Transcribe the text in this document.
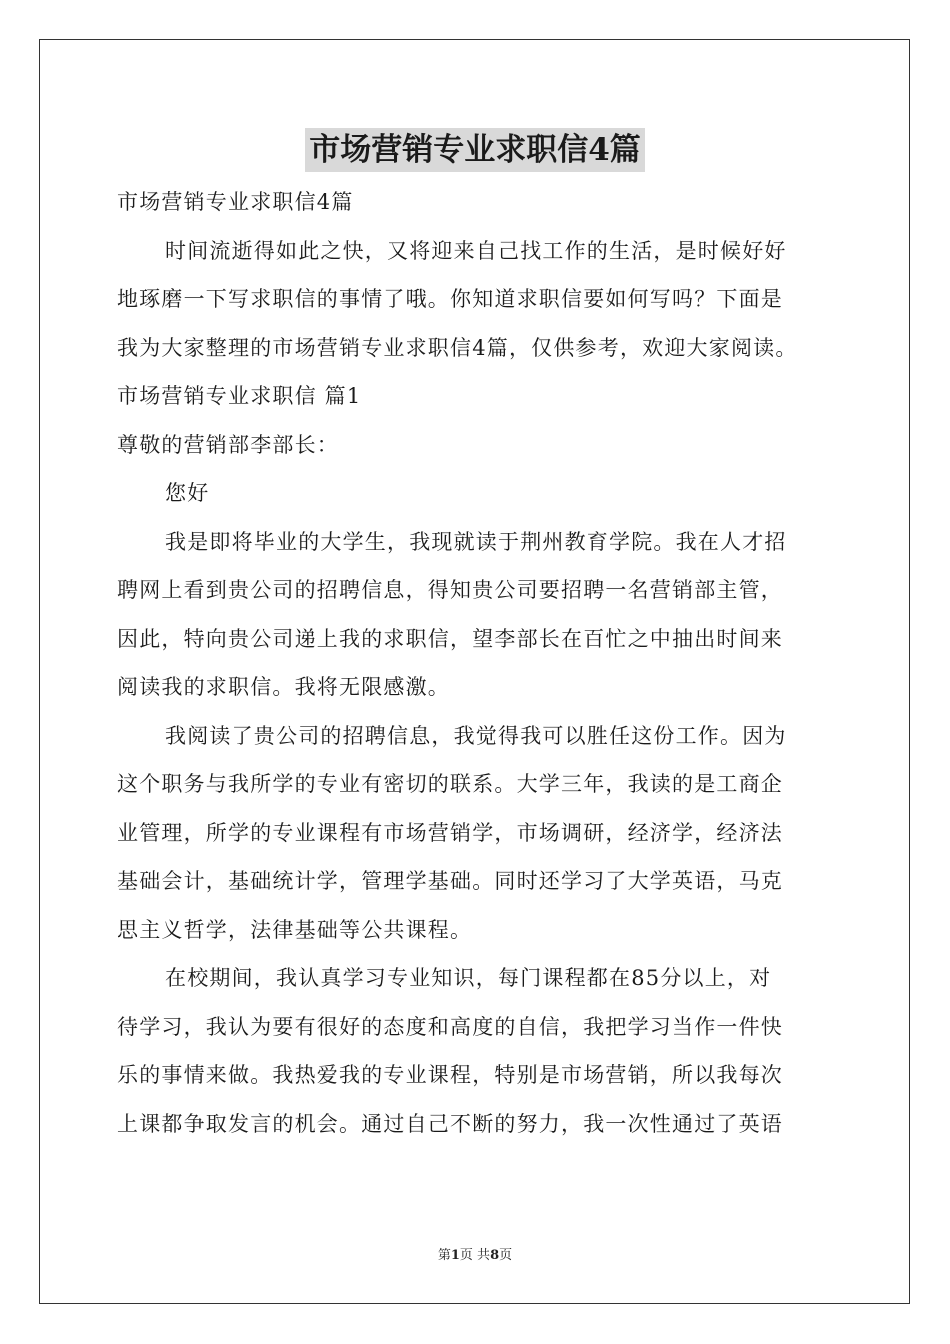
市场营销专业求职信4篇
市场营销专业求职信4篇
时间流逝得如此之快，又将迎来自己找工作的生活，是时候好好
地琢磨一下写求职信的事情了哦。你知道求职信要如何写吗？下面是
我为大家整理的市场营销专业求职信4篇，仅供参考，欢迎大家阅读。
市场营销专业求职信 篇1
尊敬的营销部李部长：
您好
我是即将毕业的大学生，我现就读于荆州教育学院。我在人才招
聘网上看到贵公司的招聘信息，得知贵公司要招聘一名营销部主管，
因此，特向贵公司递上我的求职信，望李部长在百忙之中抽出时间来
阅读我的求职信。我将无限感激。
我阅读了贵公司的招聘信息，我觉得我可以胜任这份工作。因为
这个职务与我所学的专业有密切的联系。大学三年，我读的是工商企
业管理，所学的专业课程有市场营销学，市场调研，经济学，经济法
基础会计，基础统计学，管理学基础。同时还学习了大学英语，马克
思主义哲学，法律基础等公共课程。
在校期间，我认真学习专业知识，每门课程都在85分以上，对
待学习，我认为要有很好的态度和高度的自信，我把学习当作一件快
乐的事情来做。我热爱我的专业课程，特别是市场营销，所以我每次
上课都争取发言的机会。通过自己不断的努力，我一次性通过了英语
第1页 共8页
